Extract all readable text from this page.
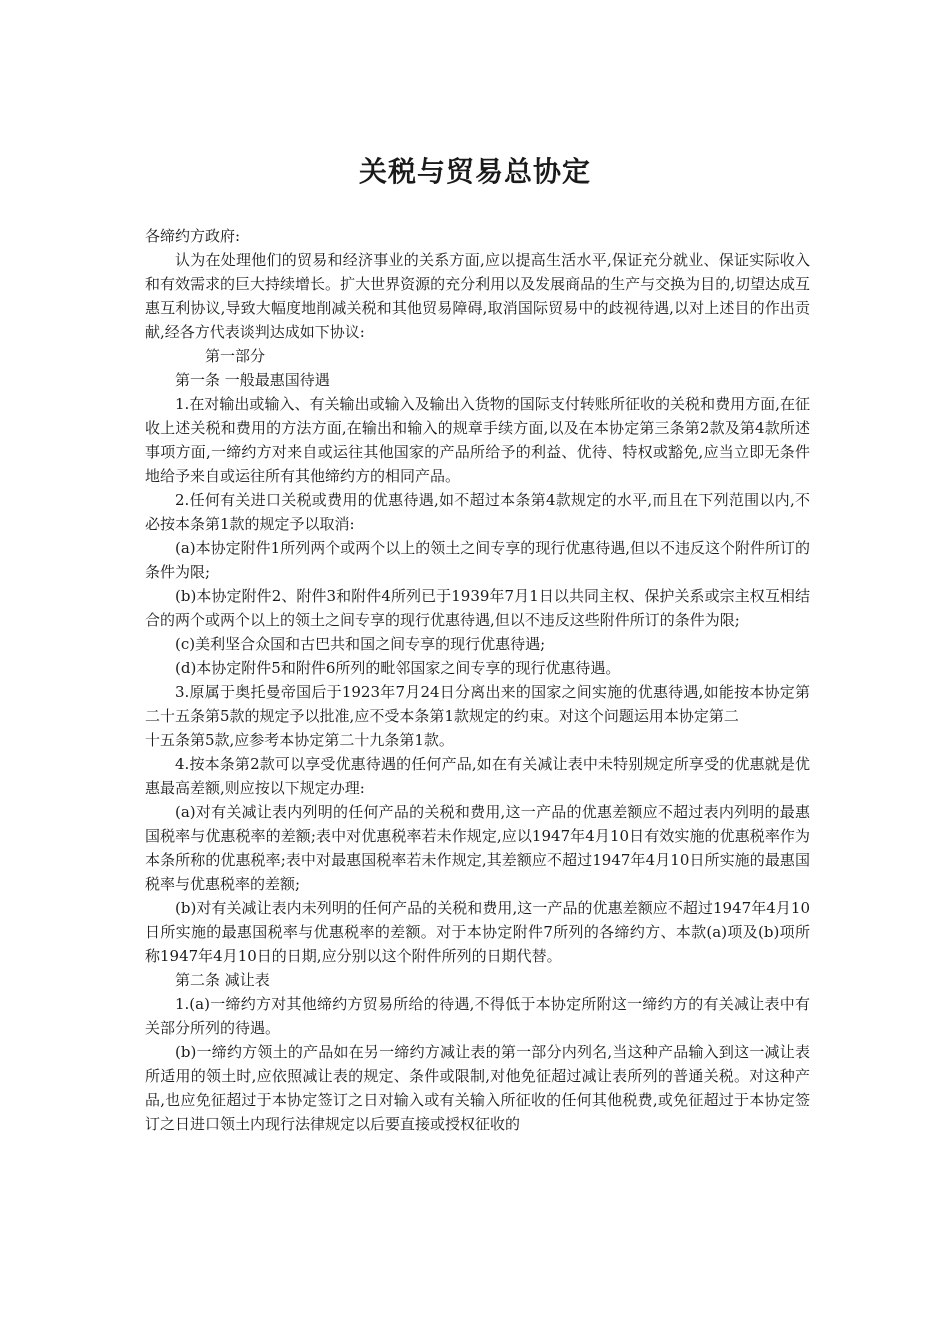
关税与贸易总协定

各缔约方政府:

认为在处理他们的贸易和经济事业的关系方面,应以提高生活水平,保证充分就业、保证实际收入和有效需求的巨大持续增长。扩大世界资源的充分利用以及发展商品的生产与交换为目的,切望达成互惠互利协议,导致大幅度地削减关税和其他贸易障碍,取消国际贸易中的歧视待遇,以对上述目的作出贡献,经各方代表谈判达成如下协议:

第一部分

第一条 一般最惠国待遇

1.在对输出或输入、有关输出或输入及输出入货物的国际支付转账所征收的关税和费用方面,在征收上述关税和费用的方法方面,在输出和输入的规章手续方面,以及在本协定第三条第2款及第4款所述事项方面,一缔约方对来自或运往其他国家的产品所给予的利益、优待、特权或豁免,应当立即无条件地给予来自或运往所有其他缔约方的相同产品。

2.任何有关进口关税或费用的优惠待遇,如不超过本条第4款规定的水平,而且在下列范围以内,不必按本条第1款的规定予以取消:

(a)本协定附件1所列两个或两个以上的领土之间专享的现行优惠待遇,但以不违反这个附件所订的条件为限;

(b)本协定附件2、附件3和附件4所列已于1939年7月1日以共同主权、保护关系或宗主权互相结合的两个或两个以上的领土之间专享的现行优惠待遇,但以不违反这些附件所订的条件为限;

(c)美利坚合众国和古巴共和国之间专享的现行优惠待遇;

(d)本协定附件5和附件6所列的毗邻国家之间专享的现行优惠待遇。

3.原属于奥托曼帝国后于1923年7月24日分离出来的国家之间实施的优惠待遇,如能按本协定第二十五条第5款的规定予以批准,应不受本条第1款规定的约束。对这个问题运用本协定第二

十五条第5款,应参考本协定第二十九条第1款。

4.按本条第2款可以享受优惠待遇的任何产品,如在有关减让表中未特别规定所享受的优惠就是优惠最高差额,则应按以下规定办理:

(a)对有关减让表内列明的任何产品的关税和费用,这一产品的优惠差额应不超过表内列明的最惠国税率与优惠税率的差额;表中对优惠税率若未作规定,应以1947年4月10日有效实施的优惠税率作为本条所称的优惠税率;表中对最惠国税率若未作规定,其差额应不超过1947年4月10日所实施的最惠国税率与优惠税率的差额;

(b)对有关减让表内未列明的任何产品的关税和费用,这一产品的优惠差额应不超过1947年4月10日所实施的最惠国税率与优惠税率的差额。对于本协定附件7所列的各缔约方、本款(a)项及(b)项所称1947年4月10日的日期,应分别以这个附件所列的日期代替。

第二条 减让表

1.(a)一缔约方对其他缔约方贸易所给的待遇,不得低于本协定所附这一缔约方的有关减让表中有关部分所列的待遇。

(b)一缔约方领土的产品如在另一缔约方减让表的第一部分内列名,当这种产品输入到这一减让表所适用的领土时,应依照减让表的规定、条件或限制,对他免征超过减让表所列的普通关税。对这种产品,也应免征超过于本协定签订之日对输入或有关输入所征收的任何其他税费,或免征超过于本协定签订之日进口领土内现行法律规定以后要直接或授权征收的
